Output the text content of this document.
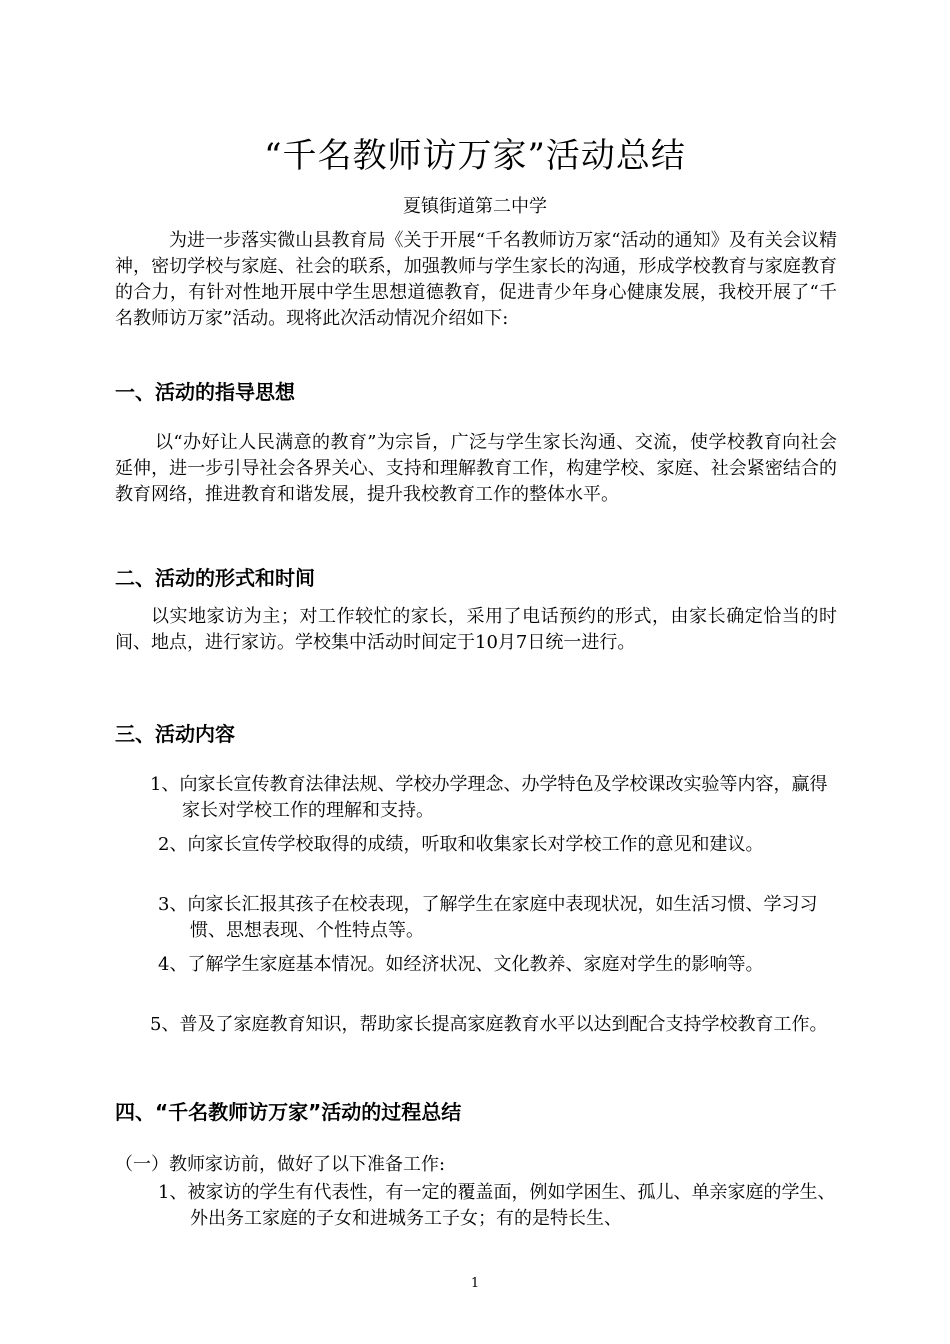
“千名教师访万家”活动总结

夏镇街道第二中学

为进一步落实微山县教育局《关于开展“千名教师访万家“活动的通知》及有关会议精神，密切学校与家庭、社会的联系，加强教师与学生家长的沟通，形成学校教育与家庭教育的合力，有针对性地开展中学生思想道德教育，促进青少年身心健康发展，我校开展了“千名教师访万家”活动。现将此次活动情况介绍如下:

一、活动的指导思想

以“办好让人民满意的教育”为宗旨，广泛与学生家长沟通、交流，使学校教育向社会延伸，进一步引导社会各界关心、支持和理解教育工作，构建学校、家庭、社会紧密结合的教育网络，推进教育和谐发展，提升我校教育工作的整体水平。

二、活动的形式和时间

以实地家访为主；对工作较忙的家长，采用了电话预约的形式，由家长确定恰当的时间、地点，进行家访。学校集中活动时间定于10月7日统一进行。

三、活动内容

1、向家长宣传教育法律法规、学校办学理念、办学特色及学校课改实验等内容，赢得家长对学校工作的理解和支持。

2、向家长宣传学校取得的成绩，听取和收集家长对学校工作的意见和建议。

3、向家长汇报其孩子在校表现，了解学生在家庭中表现状况，如生活习惯、学习习惯、思想表现、个性特点等。

4、了解学生家庭基本情况。如经济状况、文化教养、家庭对学生的影响等。

5、普及了家庭教育知识，帮助家长提高家庭教育水平以达到配合支持学校教育工作。

四、“千名教师访万家”活动的过程总结

（一）教师家访前，做好了以下准备工作:

1、被家访的学生有代表性，有一定的覆盖面，例如学困生、孤儿、单亲家庭的学生、外出务工家庭的子女和进城务工子女；有的是特长生、

1
